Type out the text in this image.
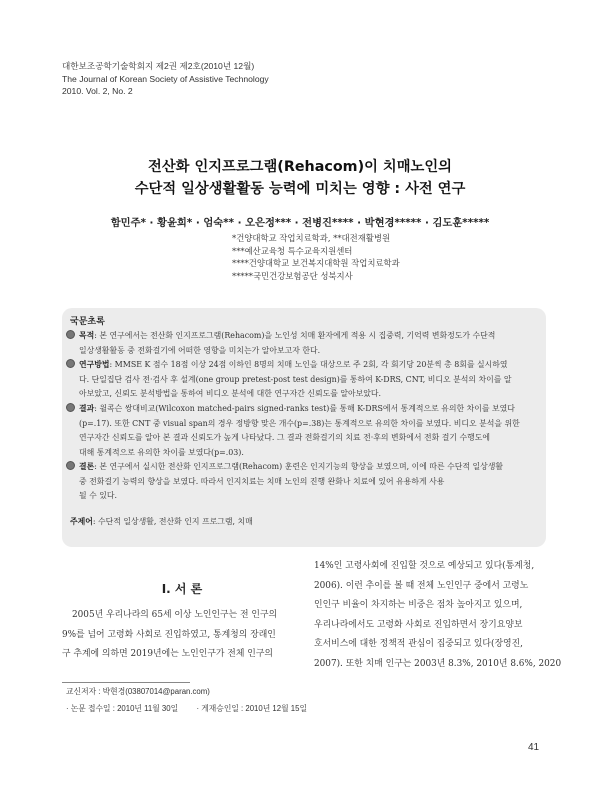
대한보조공학기술학회지 제2권 제2호(2010년 12월)
The Journal of Korean Society of Assistive Technology
2010. Vol. 2, No. 2
전산화 인지프로그램(Rehacom)이 치매노인의
수단적 일상생활활동 능력에 미치는 영향 : 사전 연구
함민주* · 황윤희* · 엄숙** · 오은정*** · 전병진**** · 박현경***** · 김도훈*****
*건양대학교 작업치료학과, **대전재활병원
***예산교육청 특수교육지원센터
****건양대학교 보건복지대학원 작업치료학과
*****국민건강보험공단 성북지사
국문초록
목적: 본 연구에서는 전산화 인지프로그램(Rehacom)을 노인성 치매 환자에게 적용 시 집중력, 기억력 변화정도가 수단적
일상생활활동 중 전화걸기에 어떠한 영향을 미치는가 알아보고자 한다.
연구방법: MMSE K 점수 18점 이상 24점 이하인 8명의 치매 노인을 대상으로 주 2회, 각 회기당 20분씩 총 8회를 실시하였
다. 단일집단 검사 전·검사 후 설계(one group pretest-post test design)를 통하여 K-DRS, CNT, 비디오 분석의 차이를 알
아보았고, 신뢰도 분석방법을 통하여 비디오 분석에 대한 연구자간 신뢰도를 알아보았다.
결과: 윌콕슨 쌍대비교(Wilcoxon matched-pairs signed-ranks test)를 통해 K-DRS에서 통계적으로 유의한 차이를 보였다
(p=.17). 또한 CNT 중 visual span의 경우 정방향 맞은 개수(p=.38)는 통계적으로 유의한 차이를 보였다. 비디오 분석을 위한
연구자간 신뢰도를 알아 본 결과 신뢰도가 높게 나타났다. 그 결과 전화걸기의 치료 전·후의 변화에서 전화 걸기 수행도에
대해 통계적으로 유의한 차이를 보였다(p=.03).
결론: 본 연구에서 실시한 전산화 인지프로그램(Rehacom) 훈련은 인지기능의 향상을 보였으며, 이에 따른 수단적 일상생활
중 전화걸기 능력의 향상을 보였다. 따라서 인지치료는 치매 노인의 진행 완화나 치료에 있어 유용하게 사용
될 수 있다.
주제어: 수단적 일상생활, 전산화 인지 프로그램, 치매
I. 서 론
2005년 우리나라의 65세 이상 노인인구는 전 인구의
9%를 넘어 고령화 사회로 진입하였고, 통계청의 장래인
구 추계에 의하면 2019년에는 노인인구가 전체 인구의
14%인 고령사회에 진입할 것으로 예상되고 있다(통계청,
2006). 이런 추이를 볼 때 전체 노인인구 중에서 고령노
인인구 비율이 차지하는 비중은 점차 높아지고 있으며,
우리나라에서도 고령화 사회로 진입하면서 장기요양보
호서비스에 대한 정책적 관심이 집중되고 있다(장영진,
2007). 또한 치매 인구는 2003년 8.3%, 2010년 8.6%, 2020
교신저자 : 박현경(03807014@paran.com)
· 논문 접수일 : 2010년 11월 30일 · 게재승인일 : 2010년 12월 15일
41
